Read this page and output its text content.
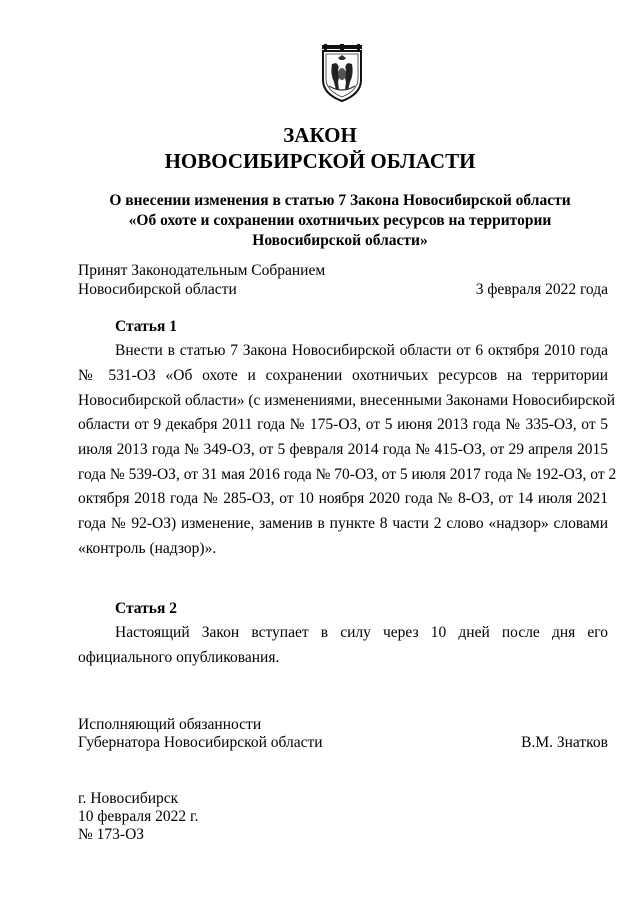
ЗАКОН
НОВОСИБИРСКОЙ ОБЛАСТИ
О внесении изменения в статью 7 Закона Новосибирской области
«Об охоте и сохранении охотничьих ресурсов на территории
Новосибирской области»
Принят Законодательным Собранием
Новосибирской области	3 февраля 2022 года
Статья 1
Внести в статью 7 Закона Новосибирской области от 6 октября 2010 года
№ 531-ОЗ «Об охоте и сохранении охотничьих ресурсов на территории
Новосибирской области» (с изменениями, внесенными Законами Новосибирской
области от 9 декабря 2011 года № 175-ОЗ, от 5 июня 2013 года № 335-ОЗ, от 5
июля 2013 года № 349-ОЗ, от 5 февраля 2014 года № 415-ОЗ, от 29 апреля 2015
года № 539-ОЗ, от 31 мая 2016 года № 70-ОЗ, от 5 июля 2017 года № 192-ОЗ, от 2
октября 2018 года № 285-ОЗ, от 10 ноября 2020 года № 8-ОЗ, от 14 июля 2021
года № 92-ОЗ) изменение, заменив в пункте 8 части 2 слово «надзор» словами
«контроль (надзор)».
Статья 2
Настоящий Закон вступает в силу через 10 дней после дня его
официального опубликования.
Исполняющий обязанности
Губернатора Новосибирской области	В.М. Знатков
г. Новосибирск
10 февраля 2022 г.
№ 173-ОЗ
